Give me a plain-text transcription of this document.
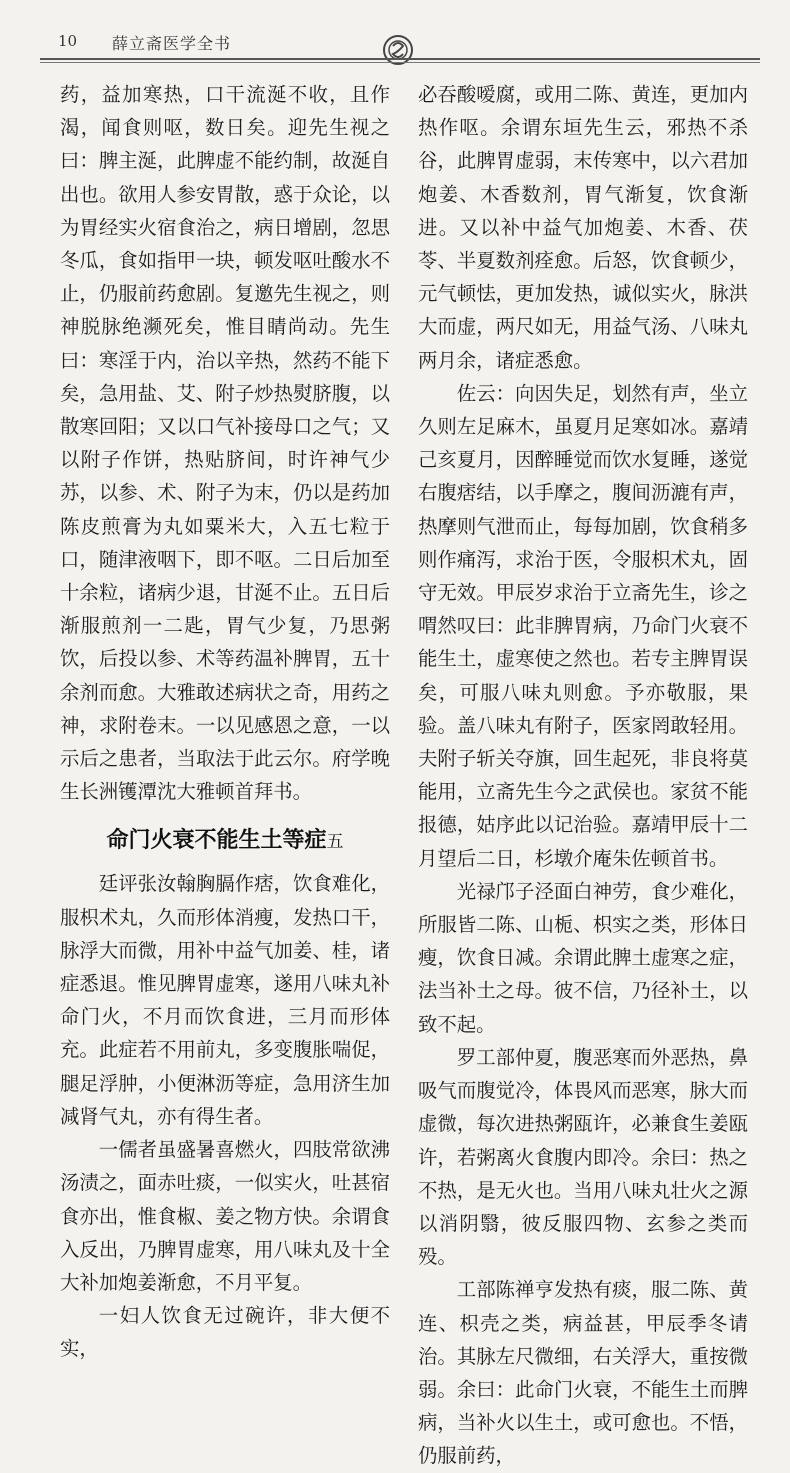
10 薛立斋医学全书

药，益加寒热，口干流涎不收，且作渴，闻食则呕，数日矣。迎先生视之曰：脾主涎，此脾虚不能约制，故涎自出也。欲用人参安胃散，惑于众论，以为胃经实火宿食治之，病日增剧，忽思冬瓜，食如指甲一块，顿发呕吐酸水不止，仍服前药愈剧。复邀先生视之，则神脱脉绝濒死矣，惟目睛尚动。先生曰：寒淫于内，治以辛热，然药不能下矣，急用盐、艾、附子炒热熨脐腹，以散寒回阳；又以口气补接母口之气；又以附子作饼，热贴脐间，时许神气少苏，以参、术、附子为末，仍以是药加陈皮煎膏为丸如粟米大，入五七粒于口，随津液咽下，即不呕。二日后加至十余粒，诸病少退，甘涎不止。五日后渐服煎剂一二匙，胃气少复，乃思粥饮，后投以参、术等药温补脾胃，五十余剂而愈。大雅敢述病状之奇，用药之神，求附卷末。一以见感恩之意，一以示后之患者，当取法于此云尔。府学晚生长洲镬潭沈大雅顿首拜书。

命门火衰不能生土等症五

廷评张汝翰胸膈作痞，饮食难化，服枳术丸，久而形体消瘦，发热口干，脉浮大而微，用补中益气加姜、桂，诸症悉退。惟见脾胃虚寒，遂用八味丸补命门火，不月而饮食进，三月而形体充。此症若不用前丸，多变腹胀喘促，腿足浮肿，小便淋沥等症，急用济生加减肾气丸，亦有得生者。

一儒者虽盛暑喜燃火，四肢常欲沸汤渍之，面赤吐痰，一似实火，吐甚宿食亦出，惟食椒、姜之物方快。余谓食入反出，乃脾胃虚寒，用八味丸及十全大补加炮姜渐愈，不月平复。

一妇人饮食无过碗许，非大便不实，

必吞酸嗳腐，或用二陈、黄连，更加内热作呕。余谓东垣先生云，邪热不杀谷，此脾胃虚弱，末传寒中，以六君加炮姜、木香数剂，胃气渐复，饮食渐进。又以补中益气加炮姜、木香、茯苓、半夏数剂痊愈。后怒，饮食顿少，元气顿怯，更加发热，诚似实火，脉洪大而虚，两尺如无，用益气汤、八味丸两月余，诸症悉愈。

佐云：向因失足，划然有声，坐立久则左足麻木，虽夏月足寒如冰。嘉靖己亥夏月，因醉睡觉而饮水复睡，遂觉右腹痞结，以手摩之，腹间沥漉有声，热摩则气泄而止，每每加剧，饮食稍多则作痛泻，求治于医，令服枳术丸，固守无效。甲辰岁求治于立斋先生，诊之喟然叹曰：此非脾胃病，乃命门火衰不能生土，虚寒使之然也。若专主脾胃误矣，可服八味丸则愈。予亦敬服，果验。盖八味丸有附子，医家罔敢轻用。夫附子斩关夺旗，回生起死，非良将莫能用，立斋先生今之武侯也。家贫不能报德，姑序此以记治验。嘉靖甲辰十二月望后二日，杉墩介庵朱佐顿首书。

光禄邝子泾面白神劳，食少难化，所服皆二陈、山栀、枳实之类，形体日瘦，饮食日减。余谓此脾土虚寒之症，法当补土之母。彼不信，乃径补土，以致不起。

罗工部仲夏，腹恶寒而外恶热，鼻吸气而腹觉冷，体畏风而恶寒，脉大而虚微，每次进热粥瓯许，必兼食生姜瓯许，若粥离火食腹内即冷。余曰：热之不热，是无火也。当用八味丸壮火之源以消阴翳，彼反服四物、玄参之类而殁。

工部陈禅亨发热有痰，服二陈、黄连、枳壳之类，病益甚，甲辰季冬请治。其脉左尺微细，右关浮大，重按微弱。余曰：此命门火衰，不能生土而脾病，当补火以生土，或可愈也。不悟，仍服前药，
